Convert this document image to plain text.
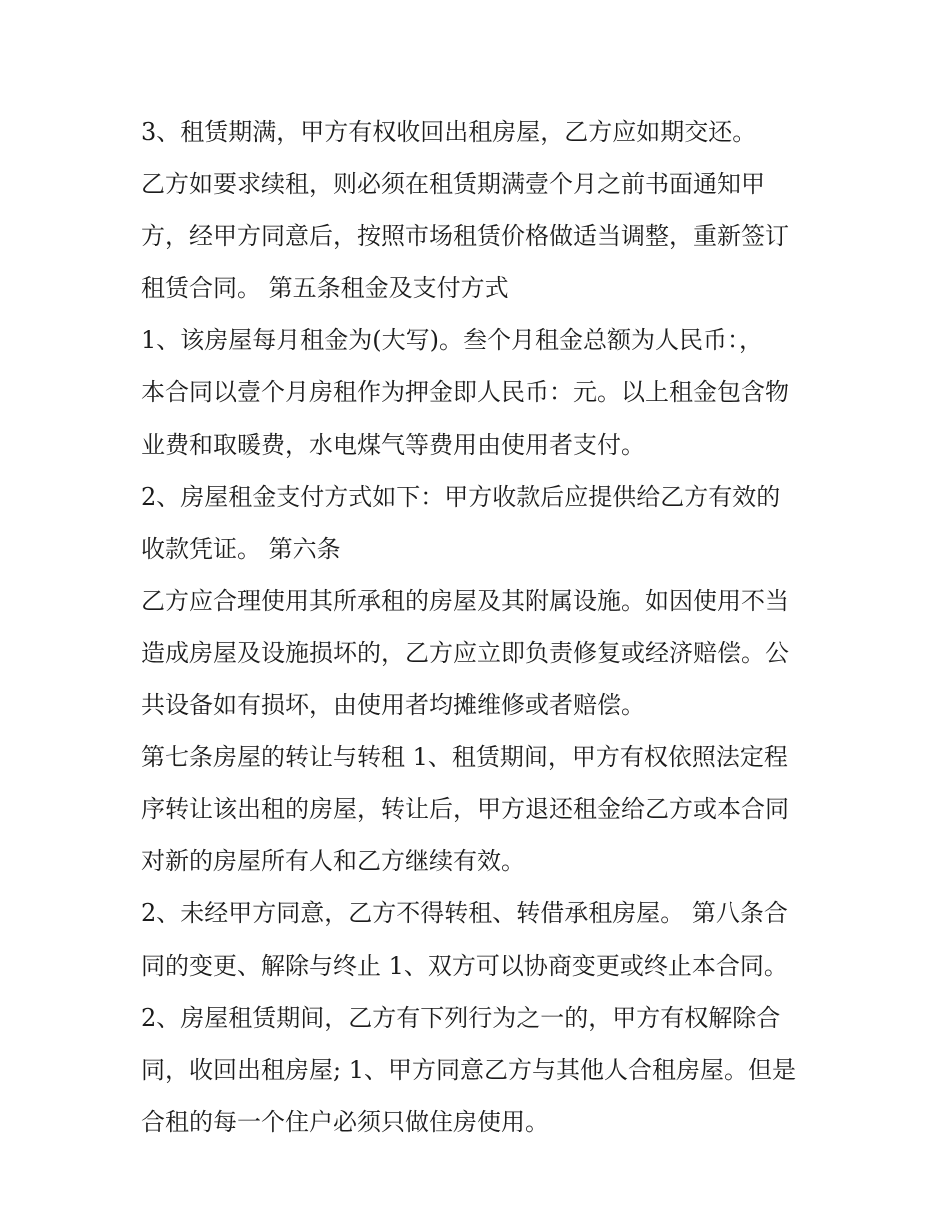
3、租赁期满，甲方有权收回出租房屋，乙方应如期交还。
乙方如要求续租，则必须在租赁期满壹个月之前书面通知甲
方，经甲方同意后，按照市场租赁价格做适当调整，重新签订
租赁合同。 第五条租金及支付方式
1、该房屋每月租金为(大写)。叁个月租金总额为人民币：，
本合同以壹个月房租作为押金即人民币：元。以上租金包含物
业费和取暖费，水电煤气等费用由使用者支付。
2、房屋租金支付方式如下：甲方收款后应提供给乙方有效的
收款凭证。 第六条
乙方应合理使用其所承租的房屋及其附属设施。如因使用不当
造成房屋及设施损坏的，乙方应立即负责修复或经济赔偿。公
共设备如有损坏，由使用者均摊维修或者赔偿。
第七条房屋的转让与转租 1、租赁期间，甲方有权依照法定程
序转让该出租的房屋，转让后，甲方退还租金给乙方或本合同
对新的房屋所有人和乙方继续有效。
2、未经甲方同意，乙方不得转租、转借承租房屋。 第八条合
同的变更、解除与终止 1、双方可以协商变更或终止本合同。
2、房屋租赁期间，乙方有下列行为之一的，甲方有权解除合
同，收回出租房屋; 1、甲方同意乙方与其他人合租房屋。但是
合租的每一个住户必须只做住房使用。
